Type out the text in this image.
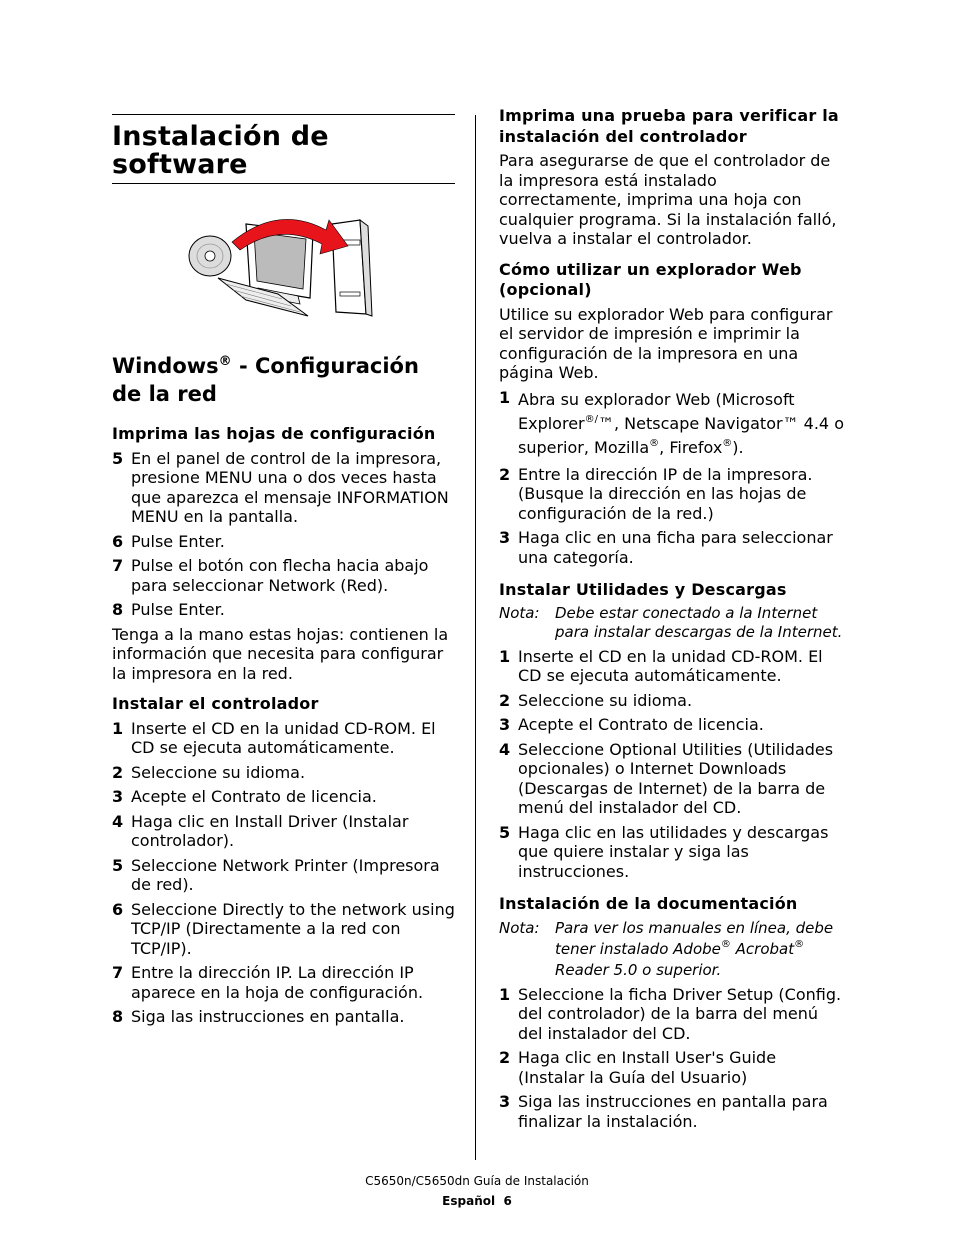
Instalación de software
Windows® - Configuración de la red
Imprima las hojas de configuración
5 En el panel de control de la impresora, presione MENU una o dos veces hasta que aparezca el mensaje INFORMATION MENU en la pantalla.
6 Pulse Enter.
7 Pulse el botón con flecha hacia abajo para seleccionar Network (Red).
8 Pulse Enter.

Tenga a la mano estas hojas: contienen la información que necesita para configurar la impresora en la red.

Instalar el controlador
1 Inserte el CD en la unidad CD-ROM. El CD se ejecuta automáticamente.
2 Seleccione su idioma.
3 Acepte el Contrato de licencia.
4 Haga clic en Install Driver (Instalar controlador).
5 Seleccione Network Printer (Impresora de red).
6 Seleccione Directly to the network using TCP/IP (Directamente a la red con TCP/IP).
7 Entre la dirección IP. La dirección IP aparece en la hoja de configuración.
8 Siga las instrucciones en pantalla.
Imprima una prueba para verificar la instalación del controlador

Para asegurarse de que el controlador de la impresora está instalado correctamente, imprima una hoja con cualquier programa. Si la instalación falló, vuelva a instalar el controlador.

Cómo utilizar un explorador Web (opcional)

Utilice su explorador Web para configurar el servidor de impresión e imprimir la configuración de la impresora en una página Web.

1 Abra su explorador Web (Microsoft Explorer®/™, Netscape Navigator™ 4.4 o superior, Mozilla®, Firefox®).
2 Entre la dirección IP de la impresora. (Busque la dirección en las hojas de configuración de la red.)
3 Haga clic en una ficha para seleccionar una categoría.
Instalar Utilidades y Descargas
Nota:	Debe estar conectado a la Internet para instalar descargas de la Internet.
1 Inserte el CD en la unidad CD-ROM. El CD se ejecuta automáticamente.
2 Seleccione su idioma.
3 Acepte el Contrato de licencia.
4 Seleccione Optional Utilities (Utilidades opcionales) o Internet Downloads (Descargas de Internet) de la barra de menú del instalador del CD.
5 Haga clic en las utilidades y descargas que quiere instalar y siga las instrucciones.
Instalación de la documentación
Nota:	Para ver los manuales en línea, debe tener instalado Adobe® Acrobat® Reader 5.0 o superior.
1 Seleccione la ficha Driver Setup (Config. del controlador) de la barra del menú del instalador del CD.
2 Haga clic en Install User's Guide (Instalar la Guía del Usuario)
3 Siga las instrucciones en pantalla para finalizar la instalación.
C5650n/C5650dn Guía de Instalación
Español  6
